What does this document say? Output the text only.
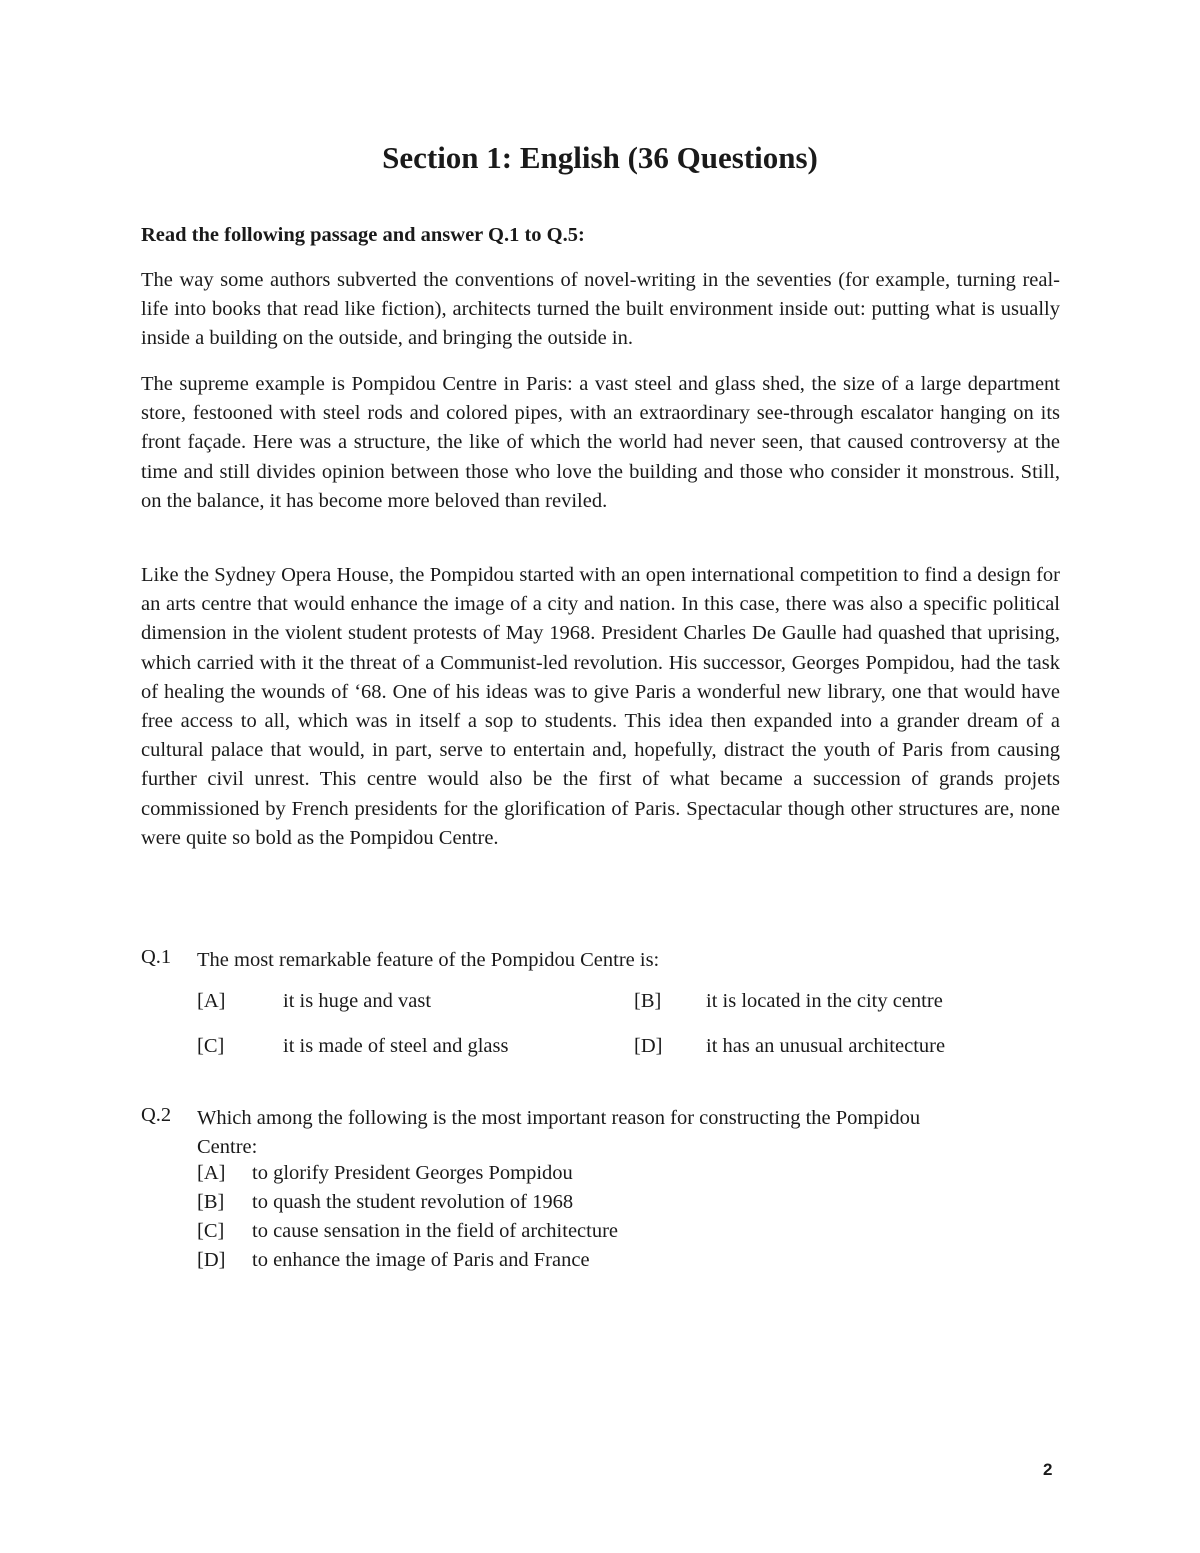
Section 1: English (36 Questions)

Read the following passage and answer Q.1 to Q.5:

The way some authors subverted the conventions of novel-writing in the seventies (for example, turning real-life into books that read like fiction), architects turned the built environment inside out: putting what is usually inside a building on the outside, and bringing the outside in.

The supreme example is Pompidou Centre in Paris: a vast steel and glass shed, the size of a large department store, festooned with steel rods and colored pipes, with an extraordinary see-through escalator hanging on its front façade. Here was a structure, the like of which the world had never seen, that caused controversy at the time and still divides opinion between those who love the building and those who consider it monstrous. Still, on the balance, it has become more beloved than reviled.

Like the Sydney Opera House, the Pompidou started with an open international competition to find a design for an arts centre that would enhance the image of a city and nation. In this case, there was also a specific political dimension in the violent student protests of May 1968. President Charles De Gaulle had quashed that uprising, which carried with it the threat of a Communist-led revolution. His successor, Georges Pompidou, had the task of healing the wounds of ‘68. One of his ideas was to give Paris a wonderful new library, one that would have free access to all, which was in itself a sop to students. This idea then expanded into a grander dream of a cultural palace that would, in part, serve to entertain and, hopefully, distract the youth of Paris from causing further civil unrest. This centre would also be the first of what became a succession of grands projets commissioned by French presidents for the glorification of Paris. Spectacular though other structures are, none were quite so bold as the Pompidou Centre.

Q.1 The most remarkable feature of the Pompidou Centre is:
[A]	it is huge and vast	[B] it is located in the city centre
[C]	it is made of steel and glass	[D] it has an unusual architecture
Q.2 Which among the following is the most important reason for constructing the Pompidou
Centre:
[A] to glorify President Georges Pompidou
[B] to quash the student revolution of 1968
[C] to cause sensation in the field of architecture
[D] to enhance the image of Paris and France
2
